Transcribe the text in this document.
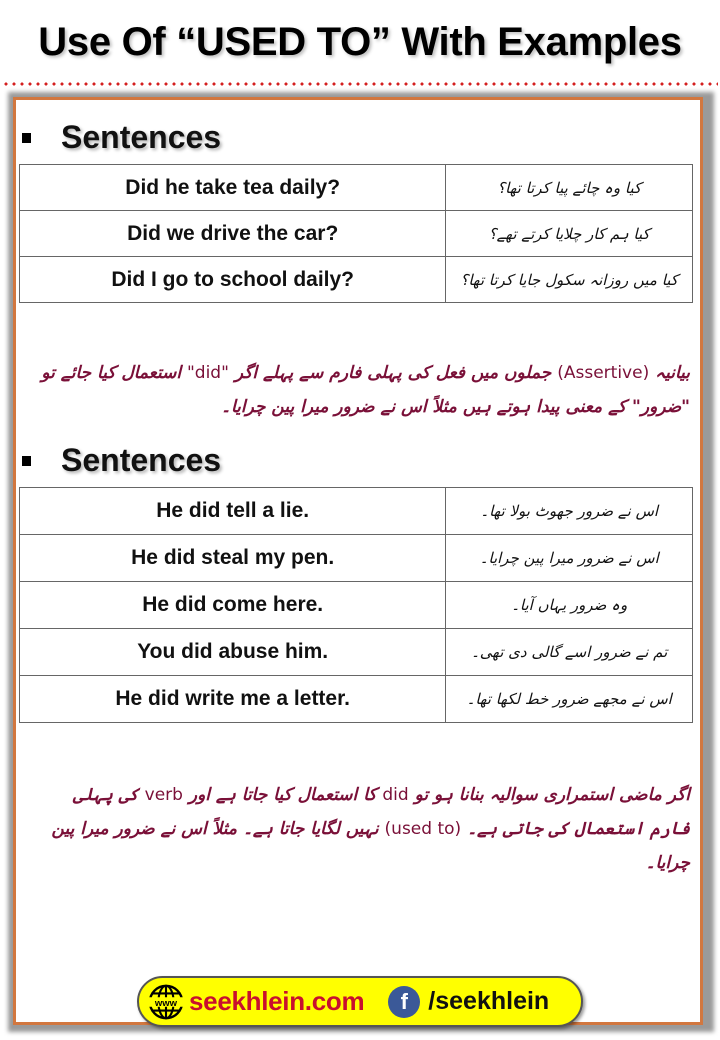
Use Of “USED TO” With Examples
Sentences
Did he take tea daily?	کیا وہ چائے پیا کرتا تھا؟
Did we drive the car?	کیا ہم کار چلایا کرتے تھے؟
Did I go to school daily?	کیا میں روزانہ سکول جایا کرتا تھا؟
بیانیہ (Assertive) جملوں میں فعل کی پہلی فارم سے پہلے اگر "did" استعمال کیا جائے تو "ضرور" کے معنی پیدا ہوتے ہیں مثلاً اس نے ضرور میرا پین چرایا۔
Sentences
He did tell a lie.	اس نے ضرور جھوٹ بولا تھا۔
He did steal my pen.	اس نے ضرور میرا پین چرایا۔
He did come here.	وہ ضرور یہاں آیا۔
You did abuse him.	تم نے ضرور اسے گالی دی تھی۔
He did write me a letter.	اس نے مجھے ضرور خط لکھا تھا۔
اگر ماضی استمراری سوالیہ بنانا ہو تو did کا استعمال کیا جاتا ہے اور verb کی پہلی فارم استعمال کی جاتی ہے۔ (used to) نہیں لگایا جاتا ہے۔ مثلاً اس نے ضرور میرا پین چرایا۔
www seekhlein.com	f /seekhlein
